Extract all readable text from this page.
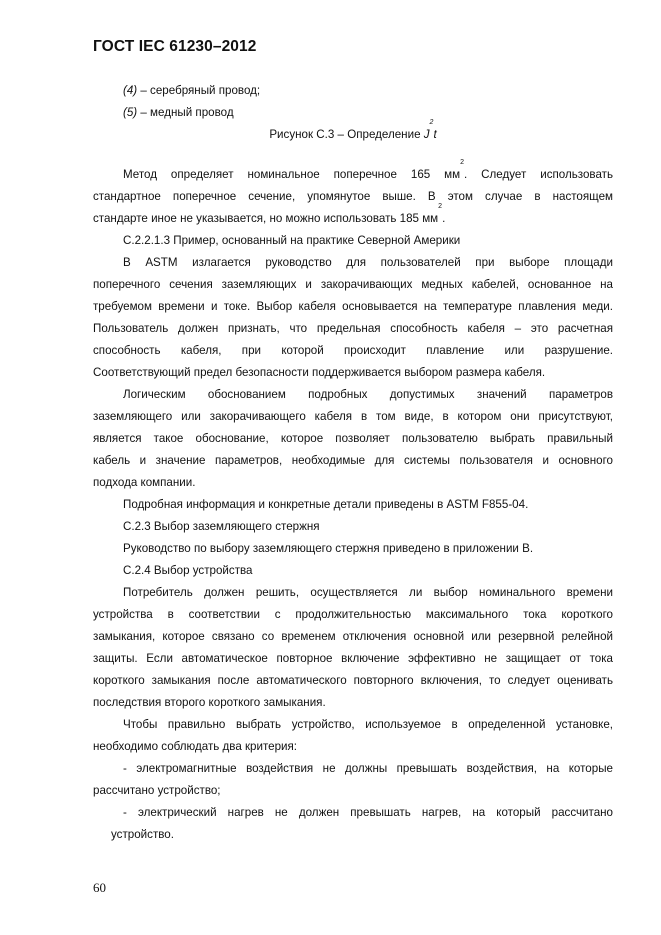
ГОСТ IEC 61230–2012
(4) – серебряный провод;
(5) – медный провод
Рисунок С.3 – Определение $J^2t$
Метод определяет номинальное поперечное 165 $мм^2$. Следует использовать
стандартное поперечное сечение, упомянутое выше. В этом случае в настоящем
стандарте иное не указывается, но можно использовать 185 $мм^2$.
С.2.2.1.3 Пример, основанный на практике Северной Америки
В ASTM излагается руководство для пользователей при выборе площади
поперечного сечения заземляющих и закорачивающих медных кабелей, основанное на
требуемом времени и токе. Выбор кабеля основывается на температуре плавления меди.
Пользователь должен признать, что предельная способность кабеля – это расчетная
способность кабеля, при которой происходит плавление или разрушение.
Соответствующий предел безопасности поддерживается выбором размера кабеля.
Логическим обоснованием подробных допустимых значений параметров
заземляющего или закорачивающего кабеля в том виде, в котором они присутствуют,
является такое обоснование, которое позволяет пользователю выбрать правильный
кабель и значение параметров, необходимые для системы пользователя и основного
подхода компании.
Подробная информация и конкретные детали приведены в ASTM F855-04.
С.2.3 Выбор заземляющего стержня
Руководство по выбору заземляющего стержня приведено в приложении В.
С.2.4 Выбор устройства
Потребитель должен решить, осуществляется ли выбор номинального времени
устройства в соответствии с продолжительностью максимального тока короткого
замыкания, которое связано со временем отключения основной или резервной релейной
защиты. Если автоматическое повторное включение эффективно не защищает от тока
короткого замыкания после автоматического повторного включения, то следует оценивать
последствия второго короткого замыкания.
Чтобы правильно выбрать устройство, используемое в определенной установке,
необходимо соблюдать два критерия:
- электромагнитные воздействия не должны превышать воздействия, на которые
рассчитано устройство;
- электрический нагрев не должен превышать нагрев, на который рассчитано
устройство.
60
